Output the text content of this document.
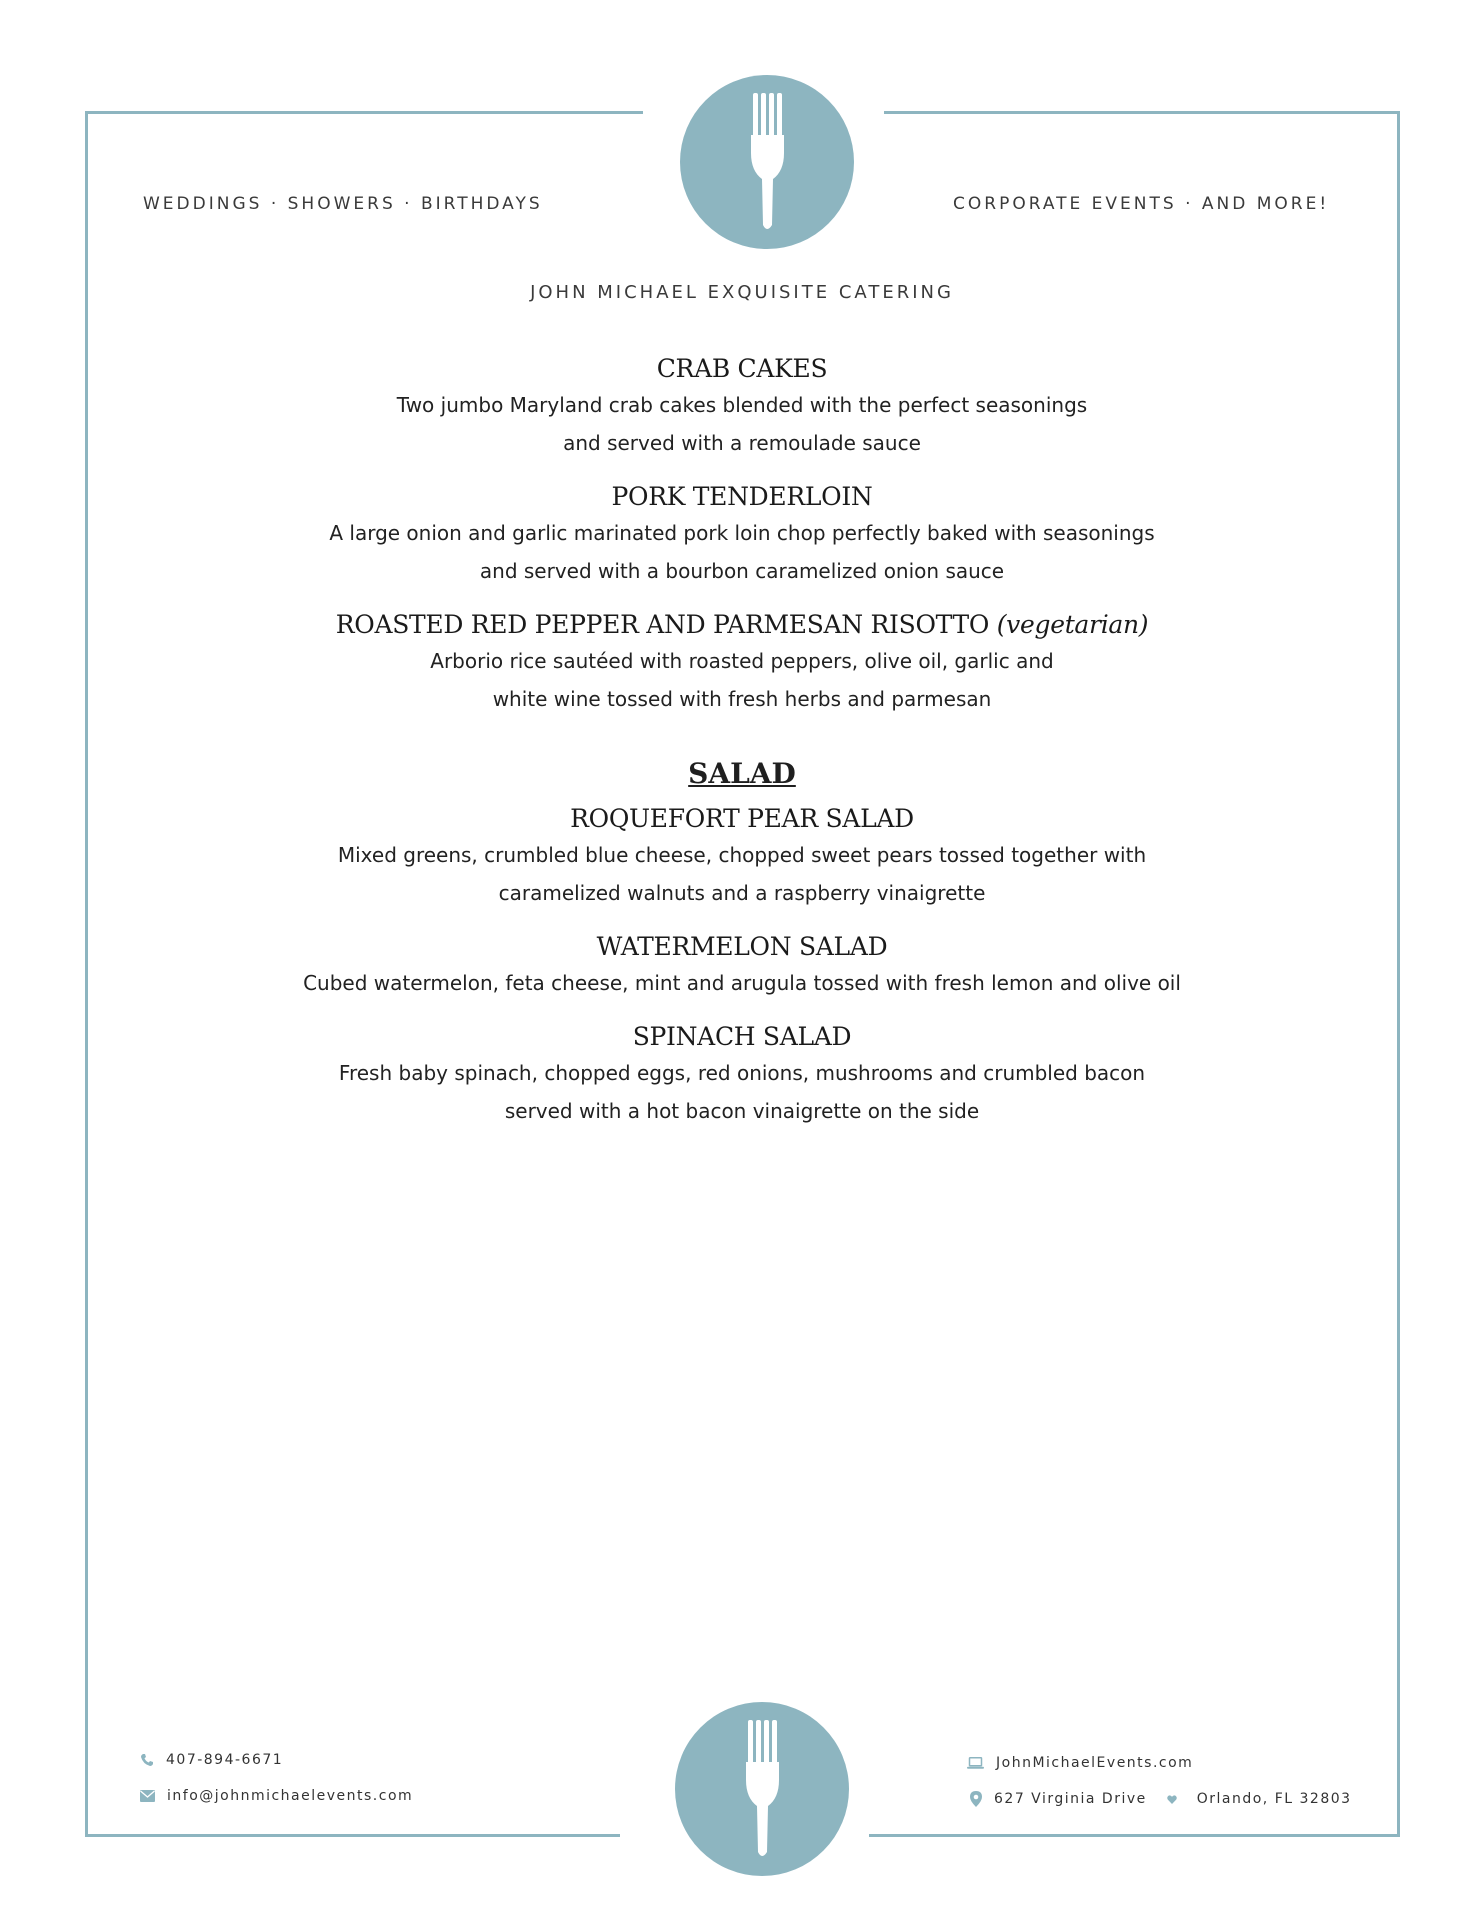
WEDDINGS · SHOWERS · BIRTHDAYS	CORPORATE EVENTS · AND MORE!
JOHN MICHAEL EXQUISITE CATERING
CRAB CAKES
Two jumbo Maryland crab cakes blended with the perfect seasonings
and served with a remoulade sauce
PORK TENDERLOIN
A large onion and garlic marinated pork loin chop perfectly baked with seasonings
and served with a bourbon caramelized onion sauce
ROASTED RED PEPPER AND PARMESAN RISOTTO (vegetarian)
Arborio rice sautéed with roasted peppers, olive oil, garlic and
white wine tossed with fresh herbs and parmesan
SALAD
ROQUEFORT PEAR SALAD
Mixed greens, crumbled blue cheese, chopped sweet pears tossed together with
caramelized walnuts and a raspberry vinaigrette
WATERMELON SALAD
Cubed watermelon, feta cheese, mint and arugula tossed with fresh lemon and olive oil
SPINACH SALAD
Fresh baby spinach, chopped eggs, red onions, mushrooms and crumbled bacon
served with a hot bacon vinaigrette on the side
407-894-6671
info@johnmichaelevents.com
JohnMichaelEvents.com
627 Virginia Drive	Orlando, FL 32803
